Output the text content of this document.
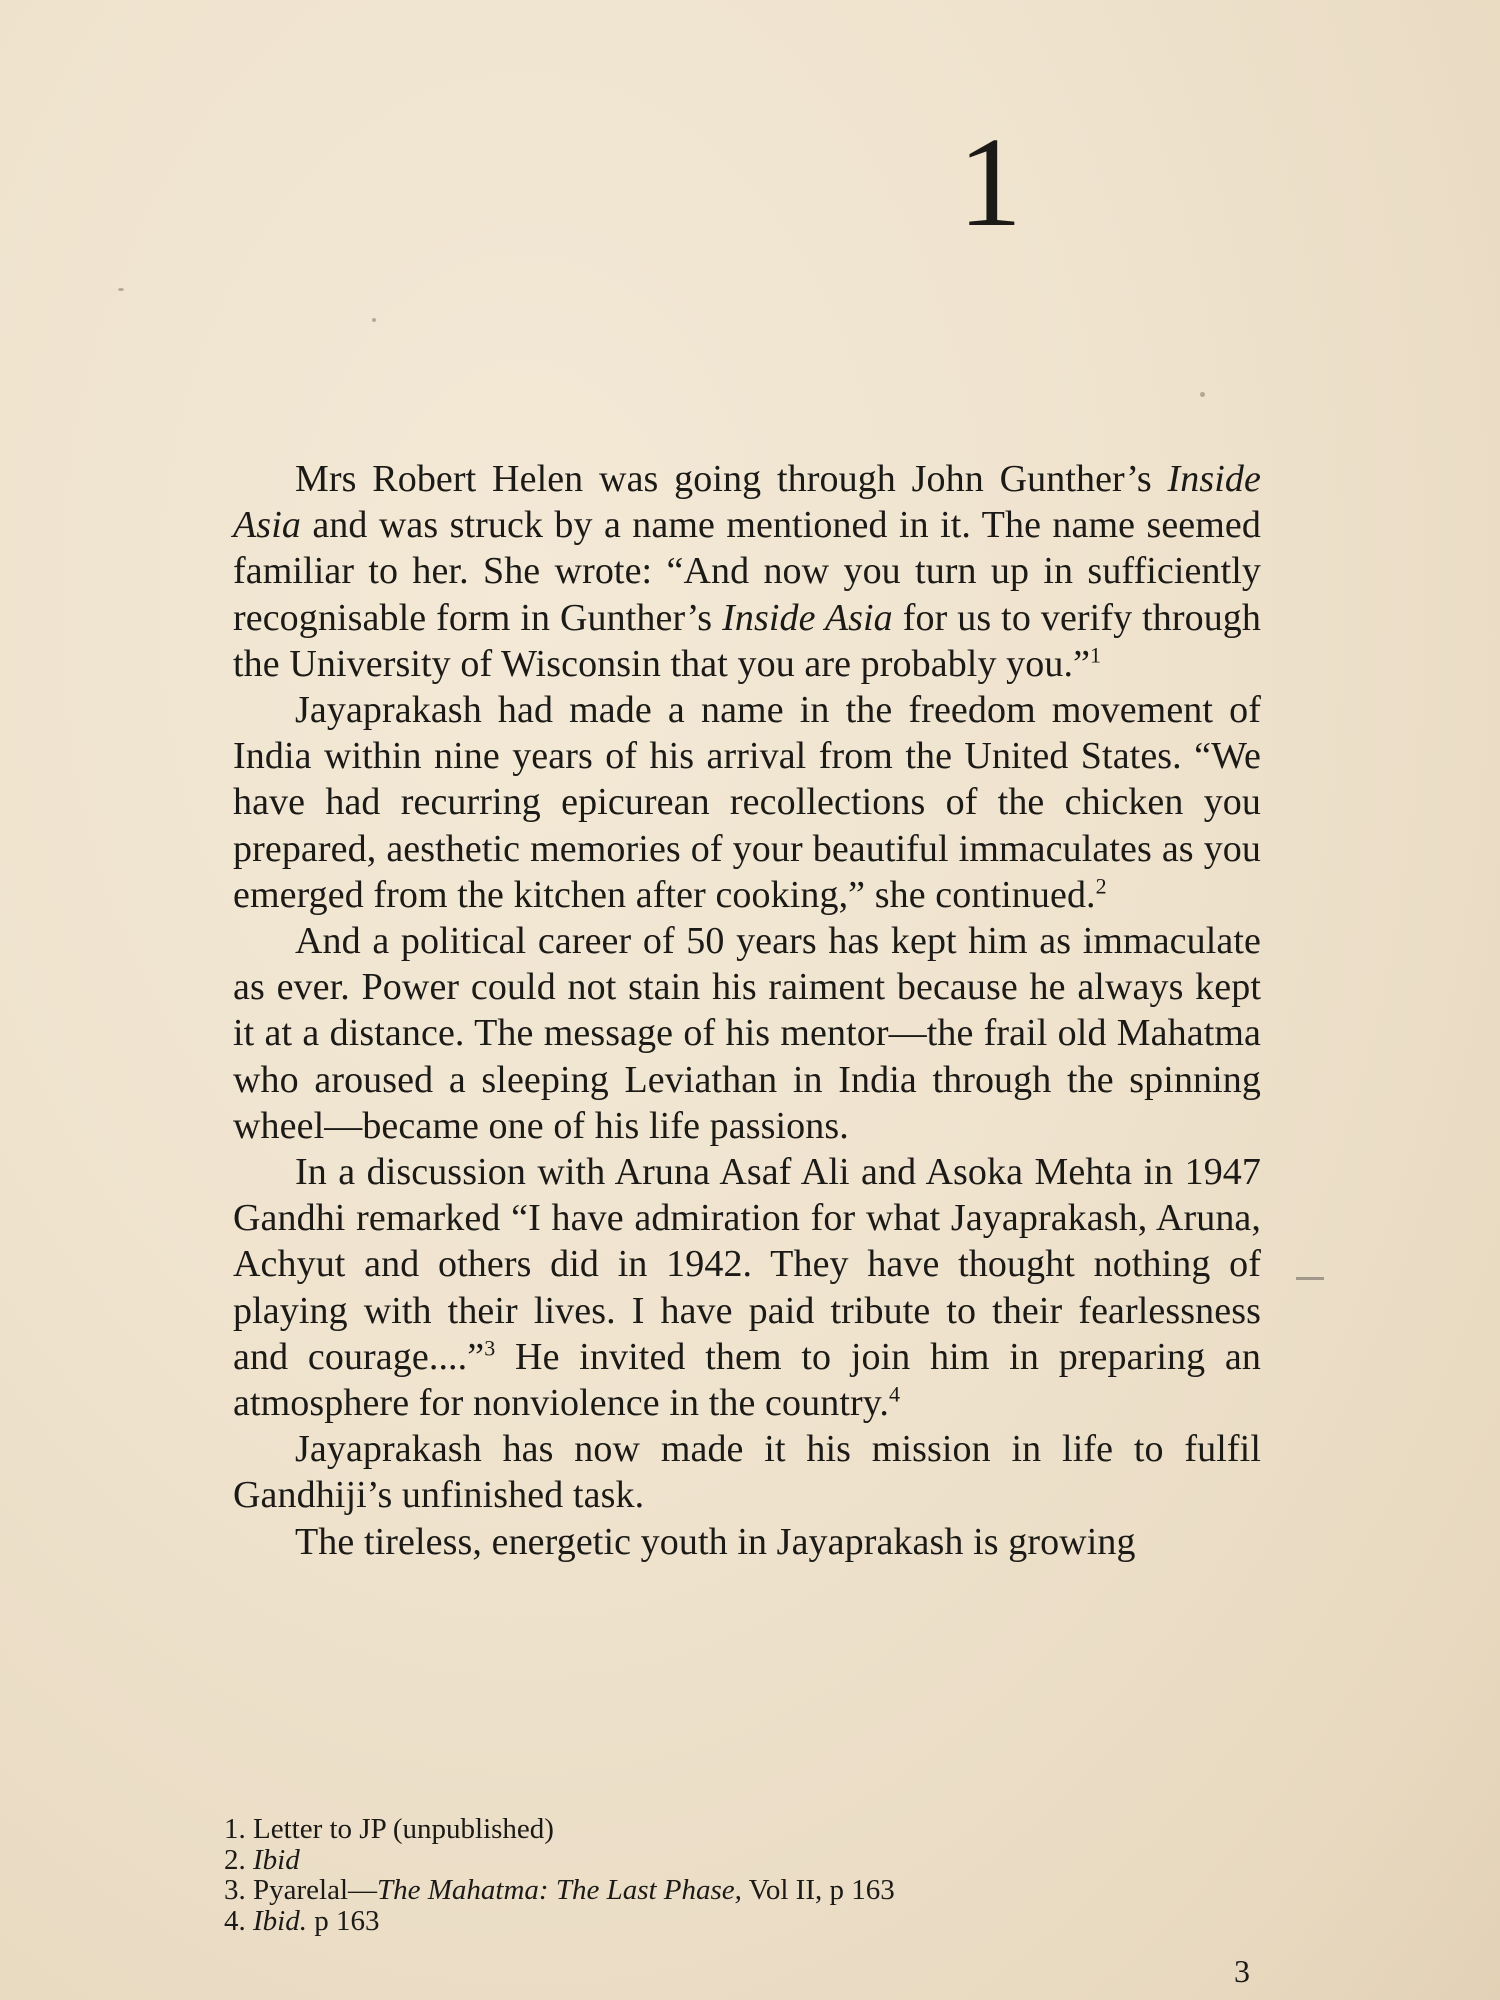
1

Mrs Robert Helen was going through John Gunther’s Inside Asia and was struck by a name mentioned in it. The name seemed familiar to her. She wrote: “And now you turn up in sufficiently recognisable form in Gunther’s Inside Asia for us to verify through the University of Wisconsin that you are probably you.”$^1$

Jayaprakash had made a name in the freedom movement of India within nine years of his arrival from the United States. “We have had recurring epicurean recollections of the chicken you prepared, aesthetic memories of your beautiful immaculates as you emerged from the kitchen after cooking,” she continued.$^2$

And a political career of 50 years has kept him as immaculate as ever. Power could not stain his raiment because he always kept it at a distance. The message of his mentor—the frail old Mahatma who aroused a sleeping Leviathan in India through the spinning wheel—became one of his life passions.

In a discussion with Aruna Asaf Ali and Asoka Mehta in 1947 Gandhi remarked “I have admiration for what Jayaprakash, Aruna, Achyut and others did in 1942. They have thought nothing of playing with their lives. I have paid tribute to their fearlessness and courage....”$^3$ He invited them to join him in preparing an atmosphere for nonviolence in the country.$^4$

Jayaprakash has now made it his mission in life to fulfil Gandhiji’s unfinished task.

The tireless, energetic youth in Jayaprakash is growing

1. Letter to JP (unpublished)
2. Ibid
3. Pyarelal—The Mahatma: The Last Phase, Vol II, p 163
4. Ibid. p 163
3
